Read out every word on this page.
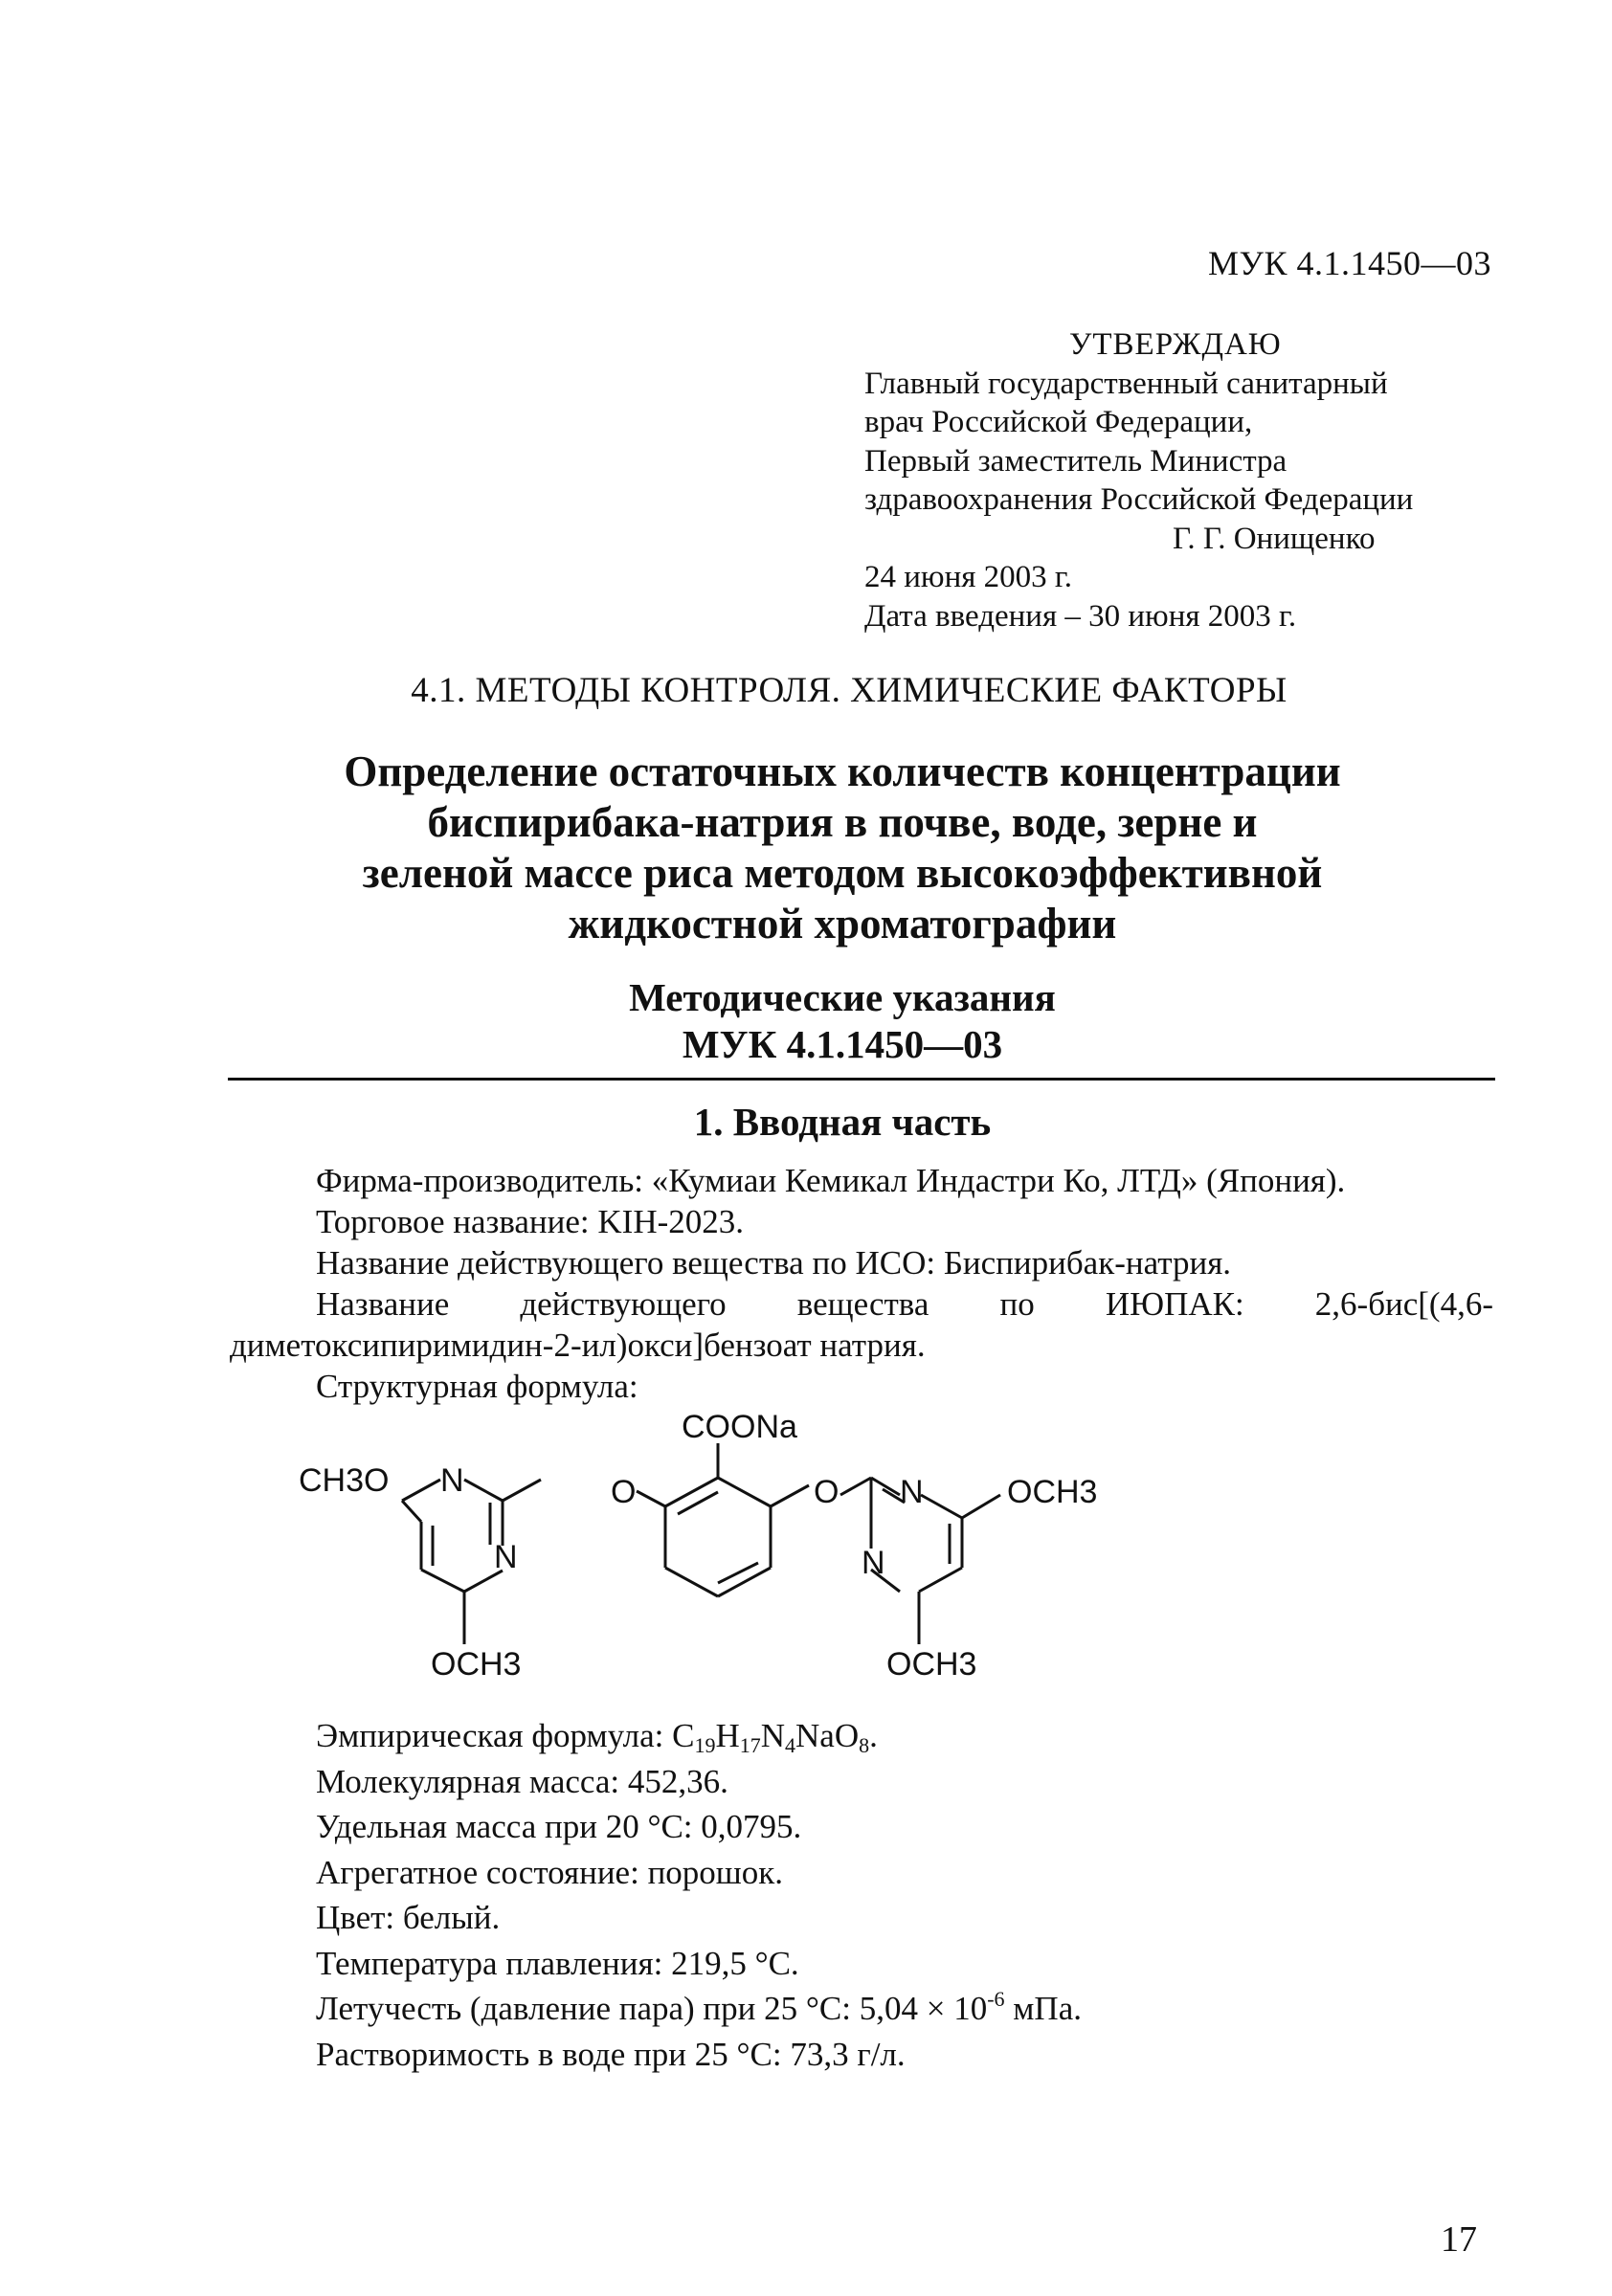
МУК 4.1.1450—03
УТВЕРЖДАЮ
Главный государственный санитарный
врач Российской Федерации,
Первый заместитель Министра
здравоохранения Российской Федерации
Г. Г. Онищенко
24 июня 2003 г.
Дата введения – 30 июня 2003 г.
4.1. МЕТОДЫ КОНТРОЛЯ. ХИМИЧЕСКИЕ ФАКТОРЫ
Определение остаточных количеств концентрации
биспирибака-натрия в почве, воде, зерне и
зеленой массе риса методом высокоэффективной
жидкостной хроматографии
Методические указания
МУК 4.1.1450—03
1. Вводная часть

Фирма-производитель: «Кумиаи Кемикал Индастри Ко, ЛТД» (Япония).

Торговое название: KIH-2023.

Название действующего вещества по ИСО: Биспирибак-натрия.

Название действующего вещества по ИЮПАК: 2,6-бис[(4,6-диметоксипиримидин-2-ил)окси]бензоат натрия.

Структурная формула:

COONa
CH3O N
N
OCH3
O	O N
N
OCH3
OCH3

Эмпирическая формула: $C_{19}H_{17}N_4NaO_8$.

Молекулярная масса: 452,36.

Удельная масса при 20 °С: 0,0795.

Агрегатное состояние: порошок.

Цвет: белый.

Температура плавления: 219,5 °С.

Летучесть (давление пара) при 25 °С: $5,04 \times 10^{-6}$ мПа.

Растворимость в воде при 25 °С: 73,3 г/л.

17
